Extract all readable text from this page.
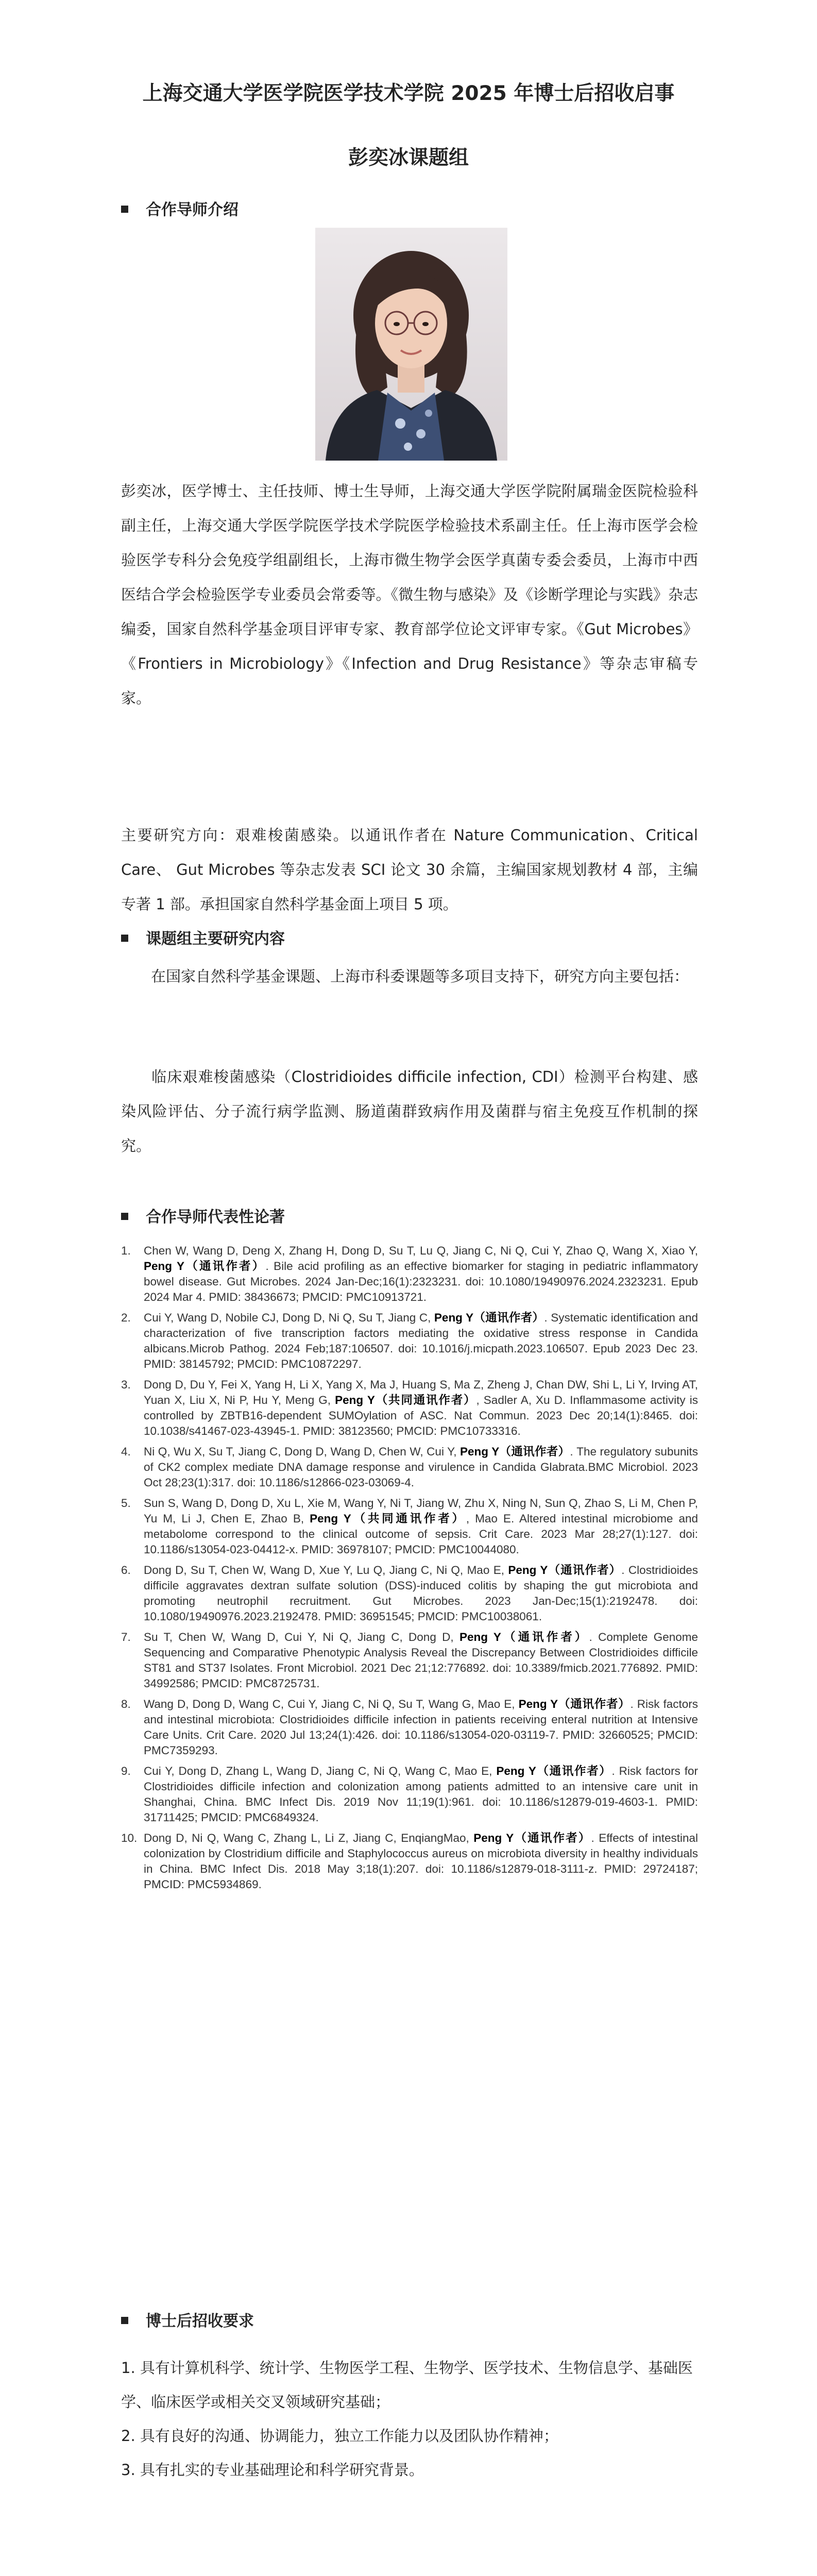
上海交通大学医学院医学技术学院 2025 年博士后招收启事
彭奕冰课题组
合作导师介绍
彭奕冰，医学博士、主任技师、博士生导师，上海交通大学医学院附属瑞金医院检验科副主任，上海交通大学医学院医学技术学院医学检验技术系副主任。任上海市医学会检验医学专科分会免疫学组副组长，上海市微生物学会医学真菌专委会委员，上海市中西医结合学会检验医学专业委员会常委等。《微生物与感染》及《诊断学理论与实践》杂志编委，国家自然科学基金项目评审专家、教育部学位论文评审专家。《Gut Microbes》《Frontiers in Microbiology》《Infection and Drug Resistance》等杂志审稿专家。
主要研究方向：艰难梭菌感染。以通讯作者在 Nature Communication、Critical Care、 Gut Microbes 等杂志发表 SCI 论文 30 余篇，主编国家规划教材 4 部，主编专著 1 部。承担国家自然科学基金面上项目 5 项。
课题组主要研究内容
在国家自然科学基金课题、上海市科委课题等多项目支持下，研究方向主要包括：
临床艰难梭菌感染（Clostridioides difficile infection, CDI）检测平台构建、感染风险评估、分子流行病学监测、肠道菌群致病作用及菌群与宿主免疫互作机制的探究。
合作导师代表性论著
1. Chen W, Wang D, Deng X, Zhang H, Dong D, Su T, Lu Q, Jiang C, Ni Q, Cui Y, Zhao Q, Wang X, Xiao Y, Peng Y（通讯作者）. Bile acid profiling as an effective biomarker for staging in pediatric inflammatory bowel disease. Gut Microbes. 2024 Jan-Dec;16(1):2323231. doi: 10.1080/19490976.2024.2323231. Epub 2024 Mar 4. PMID: 38436673; PMCID: PMC10913721.
2. Cui Y, Wang D, Nobile CJ, Dong D, Ni Q, Su T, Jiang C, Peng Y（通讯作者）. Systematic identification and characterization of five transcription factors mediating the oxidative stress response in Candida albicans.Microb Pathog. 2024 Feb;187:106507. doi: 10.1016/j.micpath.2023.106507. Epub 2023 Dec 23. PMID: 38145792; PMCID: PMC10872297.
3. Dong D, Du Y, Fei X, Yang H, Li X, Yang X, Ma J, Huang S, Ma Z, Zheng J, Chan DW, Shi L, Li Y, Irving AT, Yuan X, Liu X, Ni P, Hu Y, Meng G, Peng Y（共同通讯作者）, Sadler A, Xu D. Inflammasome activity is controlled by ZBTB16-dependent SUMOylation of ASC. Nat Commun. 2023 Dec 20;14(1):8465. doi: 10.1038/s41467-023-43945-1. PMID: 38123560; PMCID: PMC10733316.
4. Ni Q, Wu X, Su T, Jiang C, Dong D, Wang D, Chen W, Cui Y, Peng Y（通讯作者）. The regulatory subunits of CK2 complex mediate DNA damage response and virulence in Candida Glabrata.BMC Microbiol. 2023 Oct 28;23(1):317. doi: 10.1186/s12866-023-03069-4.
5. Sun S, Wang D, Dong D, Xu L, Xie M, Wang Y, Ni T, Jiang W, Zhu X, Ning N, Sun Q, Zhao S, Li M, Chen P, Yu M, Li J, Chen E, Zhao B, Peng Y（共同通讯作者）, Mao E. Altered intestinal microbiome and metabolome correspond to the clinical outcome of sepsis. Crit Care. 2023 Mar 28;27(1):127. doi: 10.1186/s13054-023-04412-x. PMID: 36978107; PMCID: PMC10044080.
6. Dong D, Su T, Chen W, Wang D, Xue Y, Lu Q, Jiang C, Ni Q, Mao E, Peng Y（通讯作者）. Clostridioides difficile aggravates dextran sulfate solution (DSS)-induced colitis by shaping the gut microbiota and promoting neutrophil recruitment. Gut Microbes. 2023 Jan-Dec;15(1):2192478. doi: 10.1080/19490976.2023.2192478. PMID: 36951545; PMCID: PMC10038061.
7. Su T, Chen W, Wang D, Cui Y, Ni Q, Jiang C, Dong D, Peng Y（通讯作者）. Complete Genome Sequencing and Comparative Phenotypic Analysis Reveal the Discrepancy Between Clostridioides difficile ST81 and ST37 Isolates. Front Microbiol. 2021 Dec 21;12:776892. doi: 10.3389/fmicb.2021.776892. PMID: 34992586; PMCID: PMC8725731.
8. Wang D, Dong D, Wang C, Cui Y, Jiang C, Ni Q, Su T, Wang G, Mao E, Peng Y（通讯作者）. Risk factors and intestinal microbiota: Clostridioides difficile infection in patients receiving enteral nutrition at Intensive Care Units. Crit Care. 2020 Jul 13;24(1):426. doi: 10.1186/s13054-020-03119-7. PMID: 32660525; PMCID: PMC7359293.
9. Cui Y, Dong D, Zhang L, Wang D, Jiang C, Ni Q, Wang C, Mao E, Peng Y（通讯作者）. Risk factors for Clostridioides difficile infection and colonization among patients admitted to an intensive care unit in Shanghai, China. BMC Infect Dis. 2019 Nov 11;19(1):961. doi: 10.1186/s12879-019-4603-1. PMID: 31711425; PMCID: PMC6849324.
10. Dong D, Ni Q, Wang C, Zhang L, Li Z, Jiang C, EnqiangMao, Peng Y（通讯作者）. Effects of intestinal colonization by Clostridium difficile and Staphylococcus aureus on microbiota diversity in healthy individuals in China. BMC Infect Dis. 2018 May 3;18(1):207. doi: 10.1186/s12879-018-3111-z. PMID: 29724187; PMCID: PMC5934869.
博士后招收要求
1. 具有计算机科学、统计学、生物医学工程、生物学、医学技术、生物信息学、基础医学、临床医学或相关交叉领域研究基础；
2. 具有良好的沟通、协调能力，独立工作能力以及团队协作精神；
3. 具有扎实的专业基础理论和科学研究背景。
